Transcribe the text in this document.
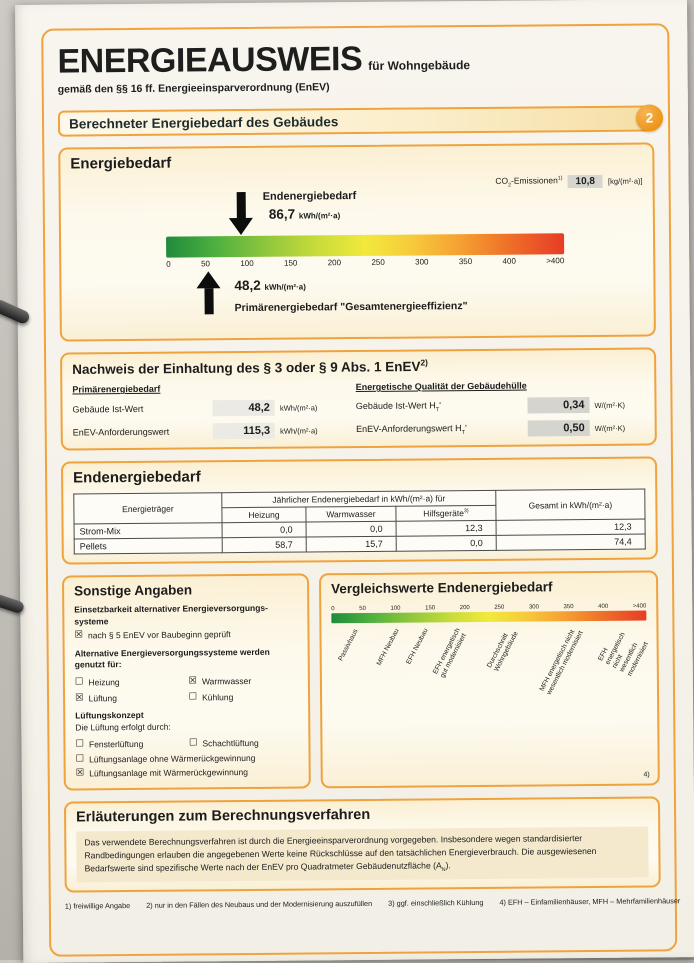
ENERGIEAUSWEIS für Wohngebäude
gemäß den §§ 16 ff. Energieeinsparverordnung (EnEV)
Berechneter Energiebedarf des Gebäudes	2
Energiebedarf
$CO_2-Emissionen^{1)}$	10,8	[kg/(m²·a)]
Endenergiebedarf
86,7 kWh/(m²·a)
0	50	100	150	200	250	300	350	400	>400
48,2 kWh/(m²·a)
Primärenergiebedarf "Gesamtenergieeffizienz"
Nachweis der Einhaltung des § 3 oder § 9 Abs. 1 EnEV$^{2)}$
Primärenergiebedarf
Gebäude Ist-Wert	48,2	kWh/(m²·a)
EnEV-Anforderungswert	115,3	kWh/(m²·a)
Energetische Qualität der Gebäudehülle
Gebäude Ist-Wert $H_T'$	0,34	W/(m²·K)
EnEV-Anforderungswert $H_T'$	0,50	W/(m²·K)
Endenergiebedarf
Energieträger	Jährlicher Endenergiebedarf in kWh/(m²·a) für			Gesamt in kWh/(m²·a)
	Heizung	Warmwasser	Hilfsgeräte$^{3)}$
Strom-Mix	0,0	0,0	12,3	12,3
Pellets	58,7	15,7	0,0	74,4
Sonstige Angaben
Einsetzbarkeit alternativer Energieversorgungs-
systeme
☒ nach § 5 EnEV vor Baubeginn geprüft
Alternative Energieversorgungssysteme werden
genutzt für:
☐ Heizung	☒ Warmwasser
☒ Lüftung	☐ Kühlung
Lüftungskonzept
Die Lüftung erfolgt durch:
☐ Fensterlüftung	☐ Schachtlüftung
☐ Lüftungsanlage ohne Wärmerückgewinnung
☒ Lüftungsanlage mit Wärmerückgewinnung
Vergleichswerte Endenergiebedarf
0	50	100	150	200	250	300	350	400	>400
Passivhaus MFH Neubau EFH Neubau EFH energetisch
gut modernisiert	Durchschnitt
Wohngebäude	MFH energetisch nicht
wesentlich modernisiert EFH energetisch nicht
wesentlich modernisiert
4)
Erläuterungen zum Berechnungsverfahren
Das verwendete Berechnungsverfahren ist durch die Energieeinsparverordnung vorgegeben. Insbesondere wegen standardisierter Randbedingungen erlauben die angegebenen Werte keine Rückschlüsse auf den tatsächlichen Energieverbrauch. Die ausgewiesenen Bedarfswerte sind spezifische Werte nach der EnEV pro Quadratmeter Gebäudenutzfläche $(A_N)$.
1) freiwillige Angabe 2) nur in den Fällen des Neubaus und der Modernisierung auszufüllen 3) ggf. einschließlich Kühlung 4) EFH – Einfamilienhäuser, MFH – Mehrfamilienhäuser
